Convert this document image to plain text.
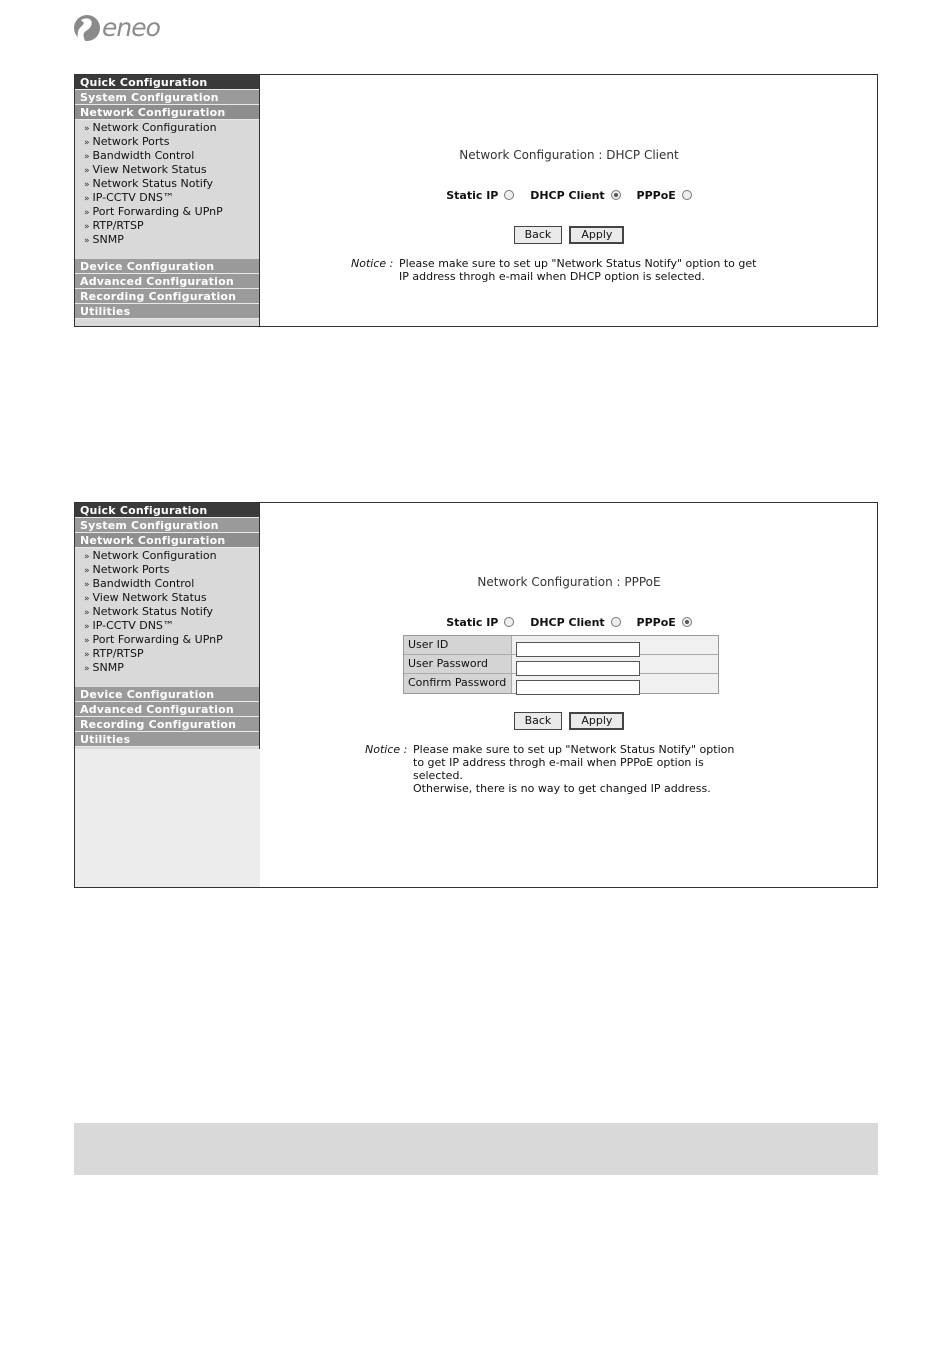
eneo
Quick Configuration
System Configuration
Network Configuration
» Network Configuration
» Network Ports
» Bandwidth Control
» View Network Status
» Network Status Notify
» IP-CCTV DNS™
» Port Forwarding & UPnP
» RTP/RTSP
» SNMP
Device Configuration
Advanced Configuration
Recording Configuration
Utilities
Network Configuration : DHCP Client
Static IP	DHCP Client	PPPoE
Back	Apply
Notice : Please make sure to set up "Network Status Notify" option to get
IP address throgh e-mail when DHCP option is selected.
Quick Configuration
System Configuration
Network Configuration
» Network Configuration
» Network Ports
» Bandwidth Control
» View Network Status
» Network Status Notify
» IP-CCTV DNS™
» Port Forwarding & UPnP
» RTP/RTSP
» SNMP
Device Configuration
Advanced Configuration
Recording Configuration
Utilities
Network Configuration : PPPoE
Static IP	DHCP Client	PPPoE
User ID
User Password
Confirm Password
Back	Apply
Notice : Please make sure to set up "Network Status Notify" option
to get IP address throgh e-mail when PPPoE option is
selected.
Otherwise, there is no way to get changed IP address.
